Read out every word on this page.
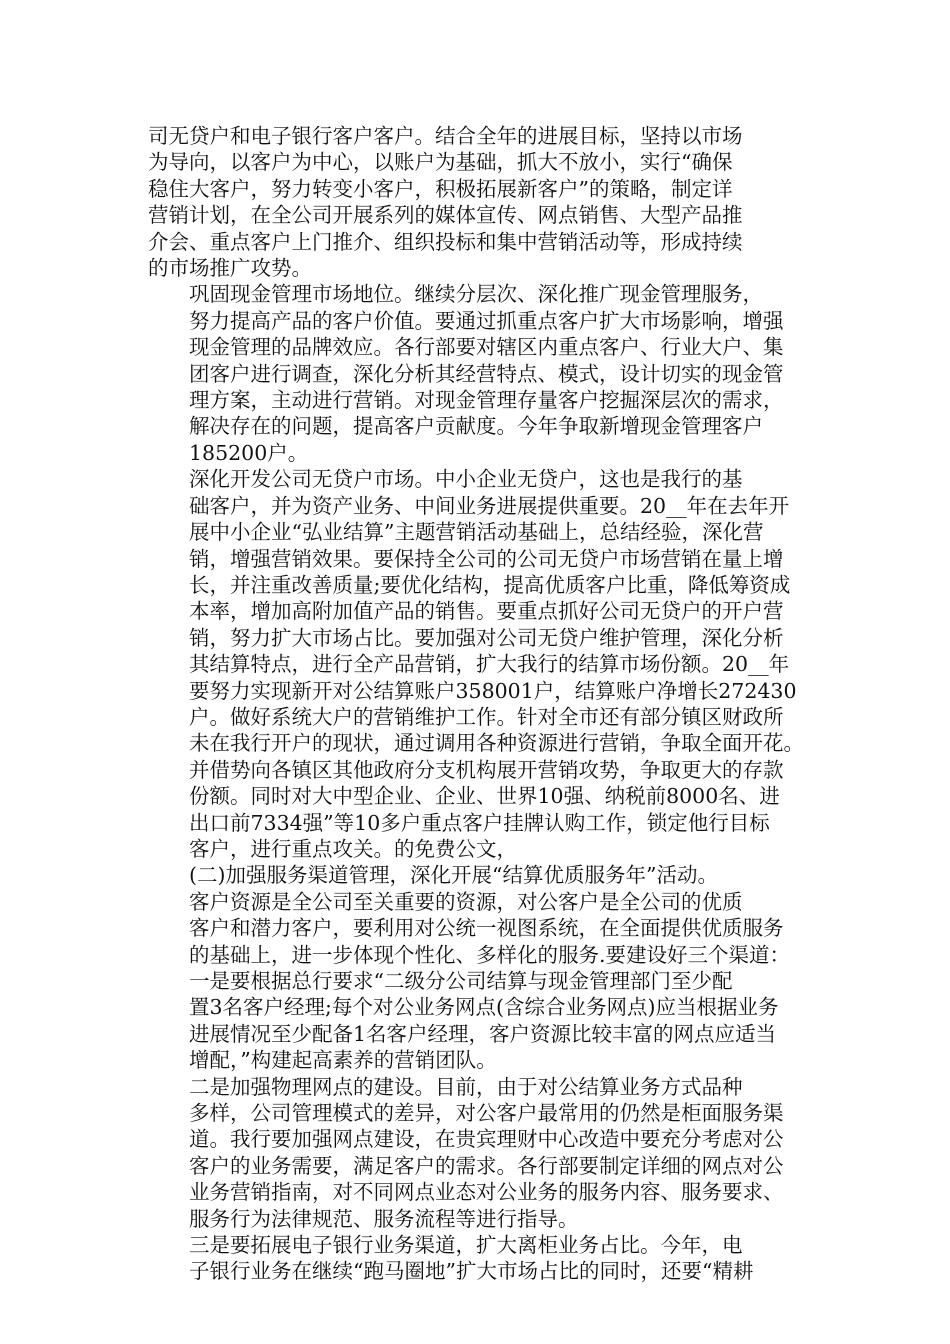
司无贷户和电子银行客户客户。结合全年的进展目标，坚持以市场
为导向，以客户为中心，以账户为基础，抓大不放小，实行“确保
稳住大客户，努力转变小客户，积极拓展新客户”的策略，制定详
营销计划，在全公司开展系列的媒体宣传、网点销售、大型产品推
介会、重点客户上门推介、组织投标和集中营销活动等，形成持续
的市场推广攻势。
巩固现金管理市场地位。继续分层次、深化推广现金管理服务，
努力提高产品的客户价值。要通过抓重点客户扩大市场影响，增强
现金管理的品牌效应。各行部要对辖区内重点客户、行业大户、集
团客户进行调查，深化分析其经营特点、模式，设计切实的现金管
理方案，主动进行营销。对现金管理存量客户挖掘深层次的需求，
解决存在的问题，提高客户贡献度。今年争取新增现金管理客户
185200户。
深化开发公司无贷户市场。中小企业无贷户，这也是我行的基
础客户，并为资产业务、中间业务进展提供重要。20__年在去年开
展中小企业“弘业结算”主题营销活动基础上，总结经验，深化营
销，增强营销效果。要保持全公司的公司无贷户市场营销在量上增
长，并注重改善质量;要优化结构，提高优质客户比重，降低筹资成
本率，增加高附加值产品的销售。要重点抓好公司无贷户的开户营
销，努力扩大市场占比。要加强对公司无贷户维护管理，深化分析
其结算特点，进行全产品营销，扩大我行的结算市场份额。20__年
要努力实现新开对公结算账户358001户，结算账户净增长272430
户。做好系统大户的营销维护工作。针对全市还有部分镇区财政所
未在我行开户的现状，通过调用各种资源进行营销，争取全面开花。
并借势向各镇区其他政府分支机构展开营销攻势，争取更大的存款
份额。同时对大中型企业、企业、世界10强、纳税前8000名、进
出口前7334强”等10多户重点客户挂牌认购工作，锁定他行目标
客户，进行重点攻关。的免费公文，
(二)加强服务渠道管理，深化开展“结算优质服务年”活动。
客户资源是全公司至关重要的资源，对公客户是全公司的优质
客户和潜力客户，要利用对公统一视图系统，在全面提供优质服务
的基础上，进一步体现个性化、多样化的服务.要建设好三个渠道：
一是要根据总行要求“二级分公司结算与现金管理部门至少配
置3名客户经理;每个对公业务网点(含综合业务网点)应当根据业务
进展情况至少配备1名客户经理，客户资源比较丰富的网点应适当
增配，”构建起高素养的营销团队。
二是加强物理网点的建设。目前，由于对公结算业务方式品种
多样，公司管理模式的差异，对公客户最常用的仍然是柜面服务渠
道。我行要加强网点建设，在贵宾理财中心改造中要充分考虑对公
客户的业务需要，满足客户的需求。各行部要制定详细的网点对公
业务营销指南，对不同网点业态对公业务的服务内容、服务要求、
服务行为法律规范、服务流程等进行指导。
三是要拓展电子银行业务渠道，扩大离柜业务占比。今年，电
子银行业务在继续“跑马圈地”扩大市场占比的同时，还要“精耕
